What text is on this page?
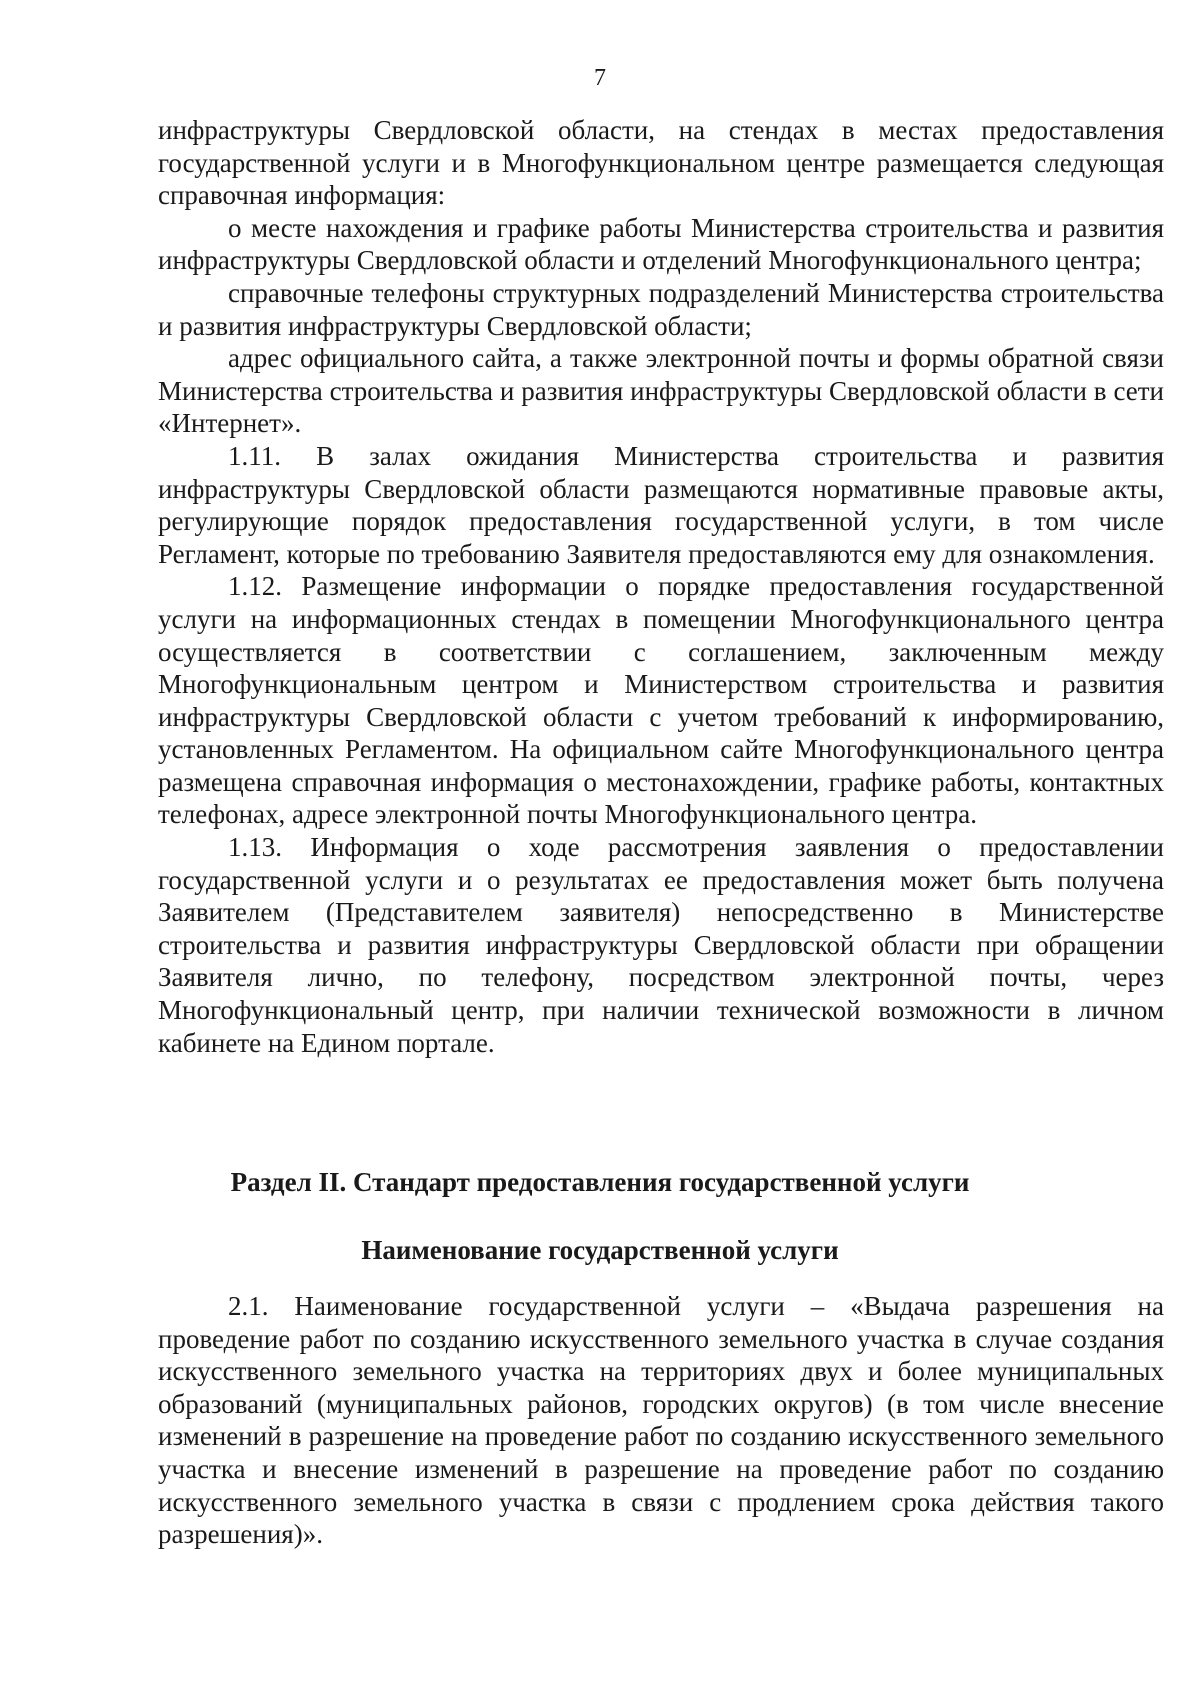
7

инфраструктуры Свердловской области, на стендах в местах предоставления государственной услуги и в Многофункциональном центре размещается следующая справочная информация:

о месте нахождения и графике работы Министерства строительства и развития инфраструктуры Свердловской области и отделений Многофункционального центра;

справочные телефоны структурных подразделений Министерства строительства и развития инфраструктуры Свердловской области;

адрес официального сайта, а также электронной почты и формы обратной связи Министерства строительства и развития инфраструктуры Свердловской области в сети «Интернет».

1.11. В залах ожидания Министерства строительства и развития инфраструктуры Свердловской области размещаются нормативные правовые акты, регулирующие порядок предоставления государственной услуги, в том числе Регламент, которые по требованию Заявителя предоставляются ему для ознакомления.

1.12. Размещение информации о порядке предоставления государственной услуги на информационных стендах в помещении Многофункционального центра осуществляется в соответствии с соглашением, заключенным между Многофункциональным центром и Министерством строительства и развития инфраструктуры Свердловской области с учетом требований к информированию, установленных Регламентом. На официальном сайте Многофункционального центра размещена справочная информация о местонахождении, графике работы, контактных телефонах, адресе электронной почты Многофункционального центра.

1.13. Информация о ходе рассмотрения заявления о предоставлении государственной услуги и о результатах ее предоставления может быть получена Заявителем (Представителем заявителя) непосредственно в Министерстве строительства и развития инфраструктуры Свердловской области при обращении Заявителя лично, по телефону, посредством электронной почты, через Многофункциональный центр, при наличии технической возможности в личном кабинете на Едином портале.

Раздел II. Стандарт предоставления государственной услуги
Наименование государственной услуги

2.1. Наименование государственной услуги – «Выдача разрешения на проведение работ по созданию искусственного земельного участка в случае создания искусственного земельного участка на территориях двух и более муниципальных образований (муниципальных районов, городских округов) (в том числе внесение изменений в разрешение на проведение работ по созданию искусственного земельного участка и внесение изменений в разрешение на проведение работ по созданию искусственного земельного участка в связи с продлением срока действия такого разрешения)».
